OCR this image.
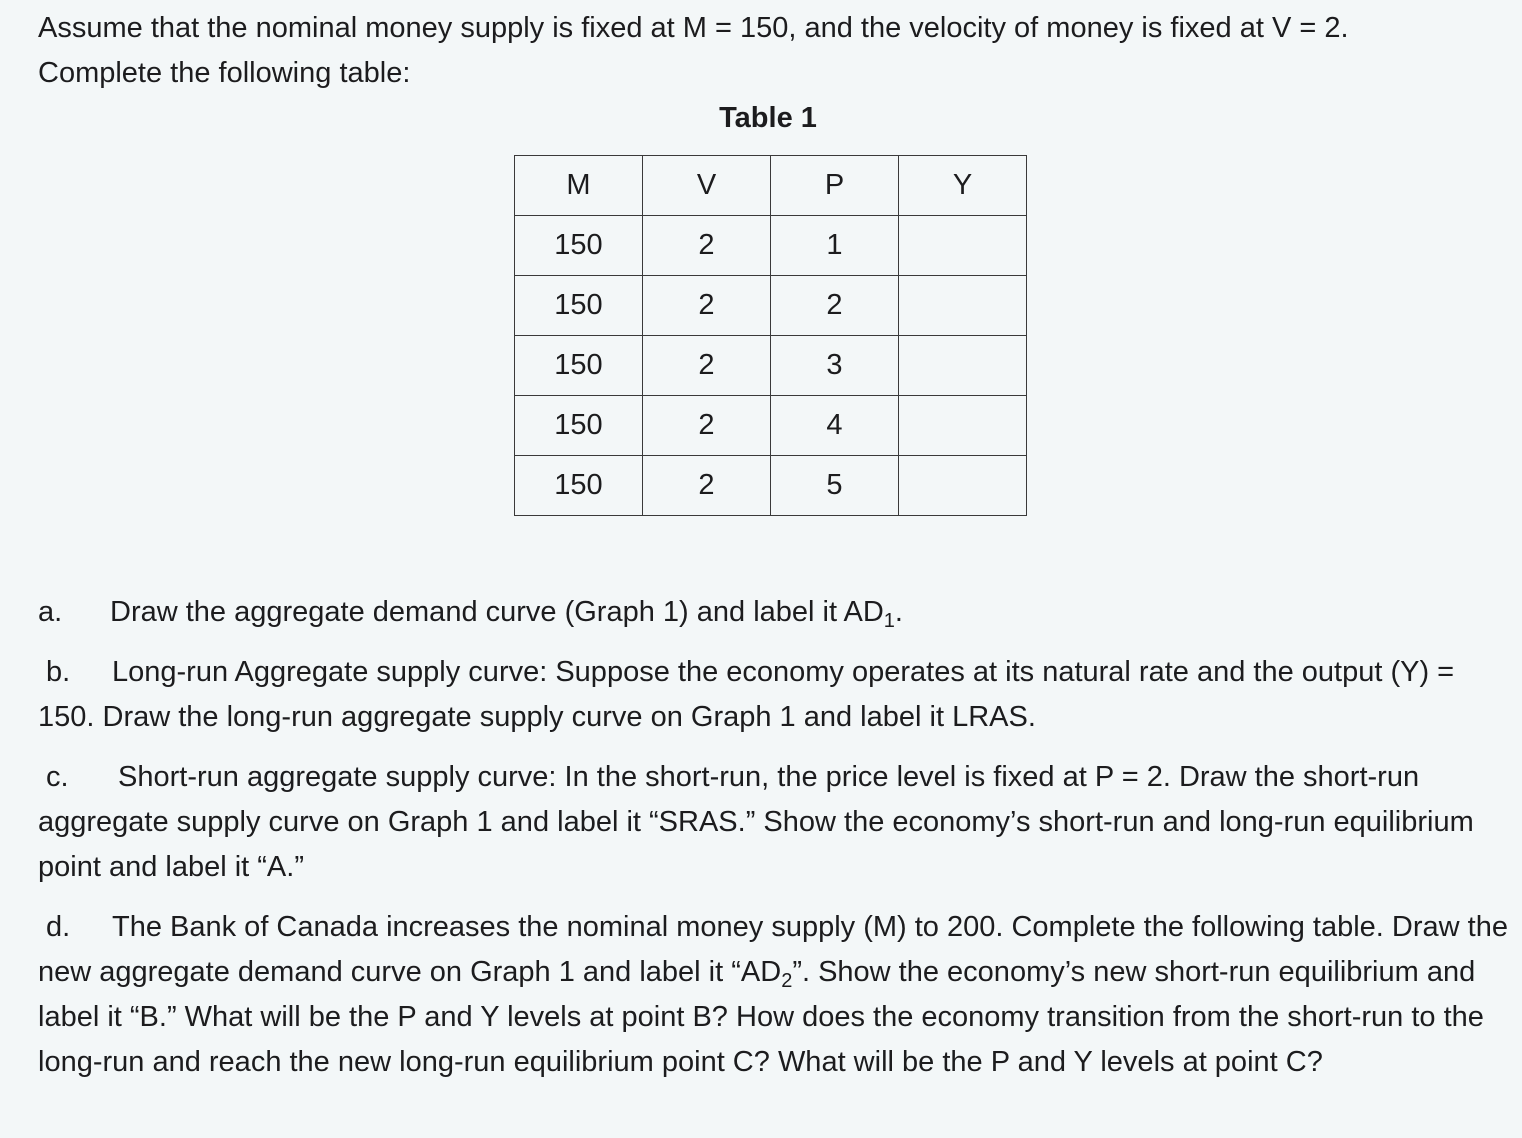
Assume that the nominal money supply is fixed at M = 150, and the velocity of money is fixed at V = 2.

Complete the following table:

Table 1
M	V	P	Y
150	2	1	
150	2	2	
150	2	3	
150	2	4	
150	2	5	

a. Draw the aggregate demand curve (Graph 1) and label it $AD_1$.

b. Long-run Aggregate supply curve: Suppose the economy operates at its natural rate and the output (Y) = 150. Draw the long-run aggregate supply curve on Graph 1 and label it LRAS.

c. Short-run aggregate supply curve: In the short-run, the price level is fixed at P = 2. Draw the short-run aggregate supply curve on Graph 1 and label it “SRAS.” Show the economy’s short-run and long-run equilibrium point and label it “A.”

d. The Bank of Canada increases the nominal money supply (M) to 200. Complete the following table. Draw the new aggregate demand curve on Graph 1 and label it “$AD_2$”. Show the economy’s new short-run equilibrium and label it “B.” What will be the P and Y levels at point B? How does the economy transition from the short-run to the long-run and reach the new long-run equilibrium point C? What will be the P and Y levels at point C?
